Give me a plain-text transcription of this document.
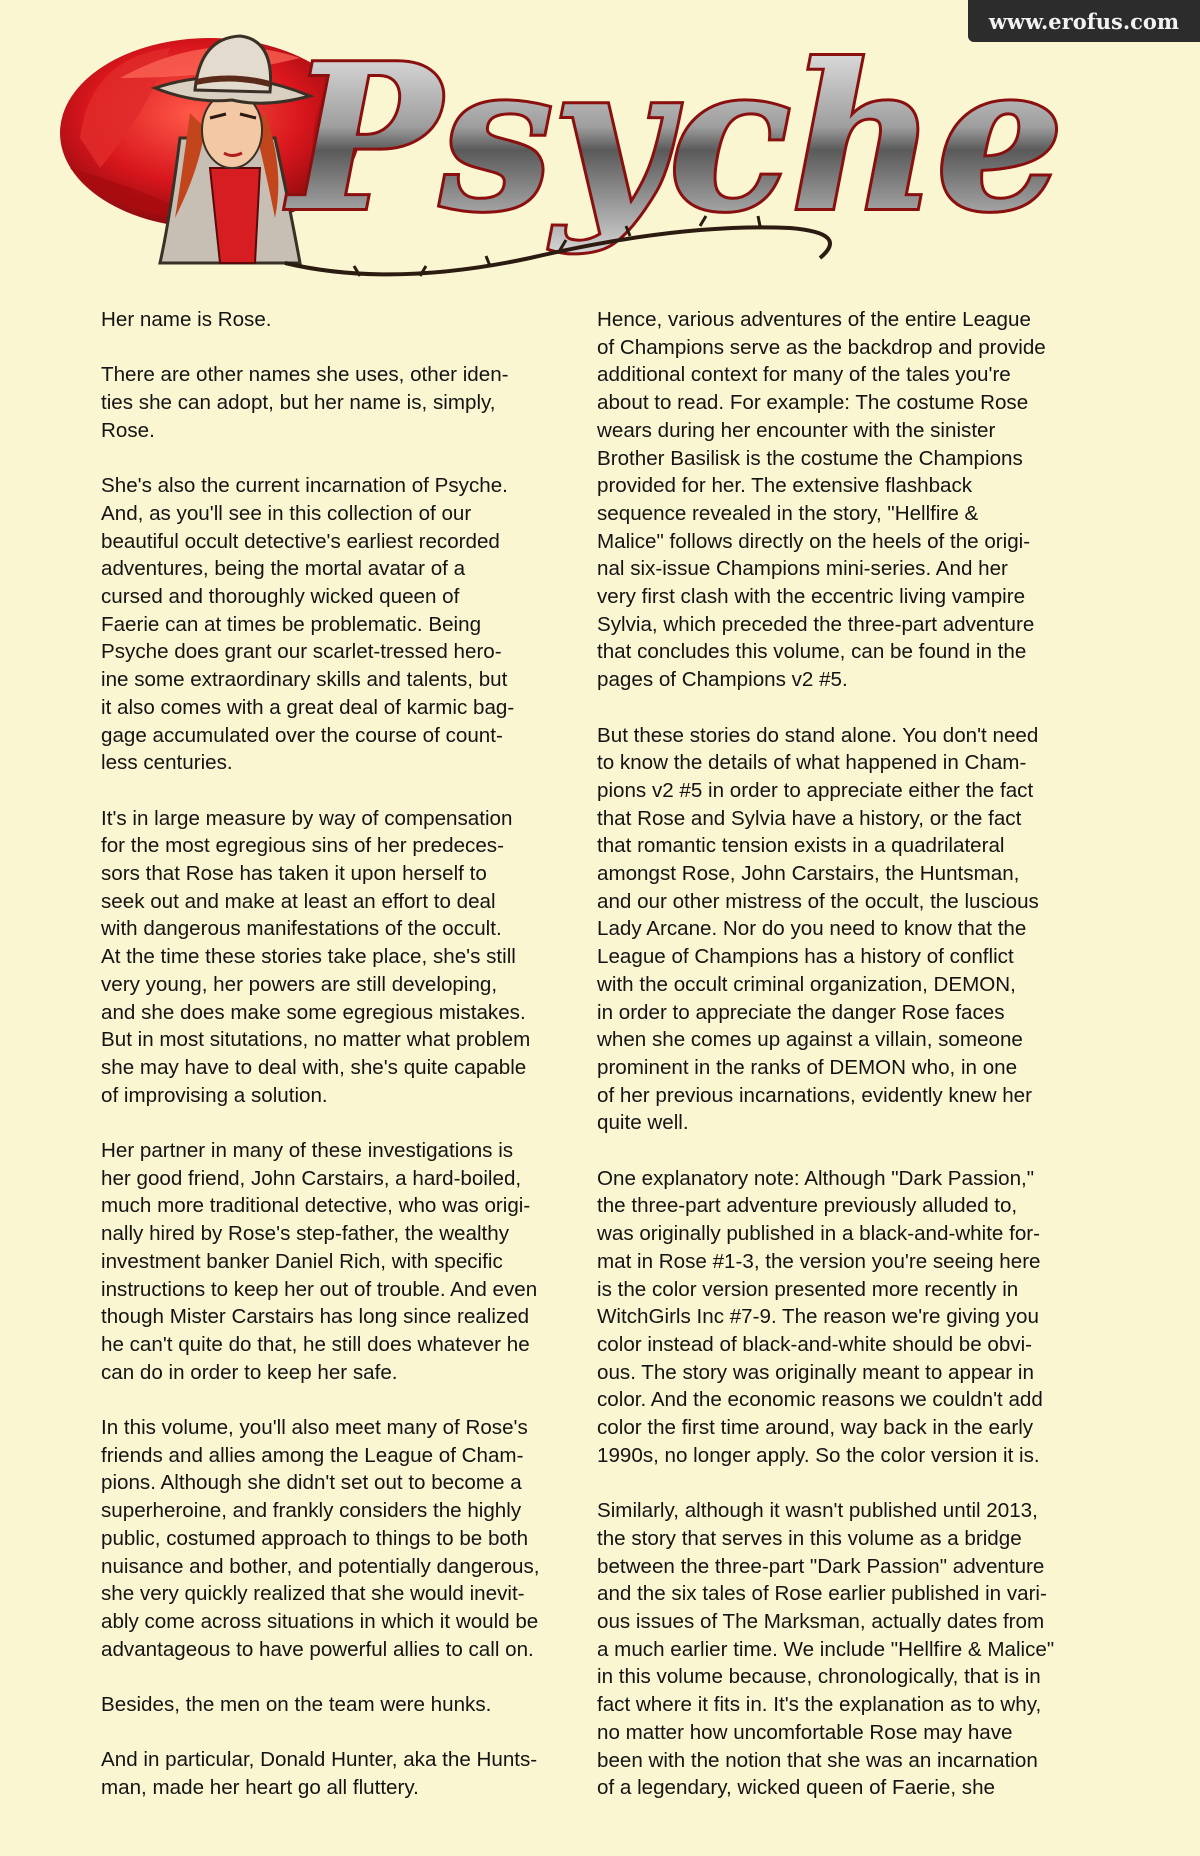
www.erofus.com
Psyche

Her name is Rose.

There are other names she uses, other iden-
ties she can adopt, but her name is, simply,
Rose.

She's also the current incarnation of Psyche.
And, as you'll see in this collection of our
beautiful occult detective's earliest recorded
adventures, being the mortal avatar of a
cursed and thoroughly wicked queen of
Faerie can at times be problematic. Being
Psyche does grant our scarlet-tressed hero-
ine some extraordinary skills and talents, but
it also comes with a great deal of karmic bag-
gage accumulated over the course of count-
less centuries.

It's in large measure by way of compensation
for the most egregious sins of her predeces-
sors that Rose has taken it upon herself to
seek out and make at least an effort to deal
with dangerous manifestations of the occult.
At the time these stories take place, she's still
very young, her powers are still developing,
and she does make some egregious mistakes.
But in most situtations, no matter what problem
she may have to deal with, she's quite capable
of improvising a solution.

Her partner in many of these investigations is
her good friend, John Carstairs, a hard-boiled,
much more traditional detective, who was origi-
nally hired by Rose's step-father, the wealthy
investment banker Daniel Rich, with specific
instructions to keep her out of trouble. And even
though Mister Carstairs has long since realized
he can't quite do that, he still does whatever he
can do in order to keep her safe.

In this volume, you'll also meet many of Rose's
friends and allies among the League of Cham-
pions. Although she didn't set out to become a
superheroine, and frankly considers the highly
public, costumed approach to things to be both
nuisance and bother, and potentially dangerous,
she very quickly realized that she would inevit-
ably come across situations in which it would be
advantageous to have powerful allies to call on.

Besides, the men on the team were hunks.

And in particular, Donald Hunter, aka the Hunts-
man, made her heart go all fluttery.

Hence, various adventures of the entire League
of Champions serve as the backdrop and provide
additional context for many of the tales you're
about to read. For example: The costume Rose
wears during her encounter with the sinister
Brother Basilisk is the costume the Champions
provided for her. The extensive flashback
sequence revealed in the story, "Hellfire &
Malice" follows directly on the heels of the origi-
nal six-issue Champions mini-series. And her
very first clash with the eccentric living vampire
Sylvia, which preceded the three-part adventure
that concludes this volume, can be found in the
pages of Champions v2 #5.

But these stories do stand alone. You don't need
to know the details of what happened in Cham-
pions v2 #5 in order to appreciate either the fact
that Rose and Sylvia have a history, or the fact
that romantic tension exists in a quadrilateral
amongst Rose, John Carstairs, the Huntsman,
and our other mistress of the occult, the luscious
Lady Arcane. Nor do you need to know that the
League of Champions has a history of conflict
with the occult criminal organization, DEMON,
in order to appreciate the danger Rose faces
when she comes up against a villain, someone
prominent in the ranks of DEMON who, in one
of her previous incarnations, evidently knew her
quite well.

One explanatory note: Although "Dark Passion,"
the three-part adventure previously alluded to,
was originally published in a black-and-white for-
mat in Rose #1-3, the version you're seeing here
is the color version presented more recently in
WitchGirls Inc #7-9. The reason we're giving you
color instead of black-and-white should be obvi-
ous. The story was originally meant to appear in
color. And the economic reasons we couldn't add
color the first time around, way back in the early
1990s, no longer apply. So the color version it is.

Similarly, although it wasn't published until 2013,
the story that serves in this volume as a bridge
between the three-part "Dark Passion" adventure
and the six tales of Rose earlier published in vari-
ous issues of The Marksman, actually dates from
a much earlier time. We include "Hellfire & Malice"
in this volume because, chronologically, that is in
fact where it fits in. It's the explanation as to why,
no matter how uncomfortable Rose may have
been with the notion that she was an incarnation
of a legendary, wicked queen of Faerie, she
